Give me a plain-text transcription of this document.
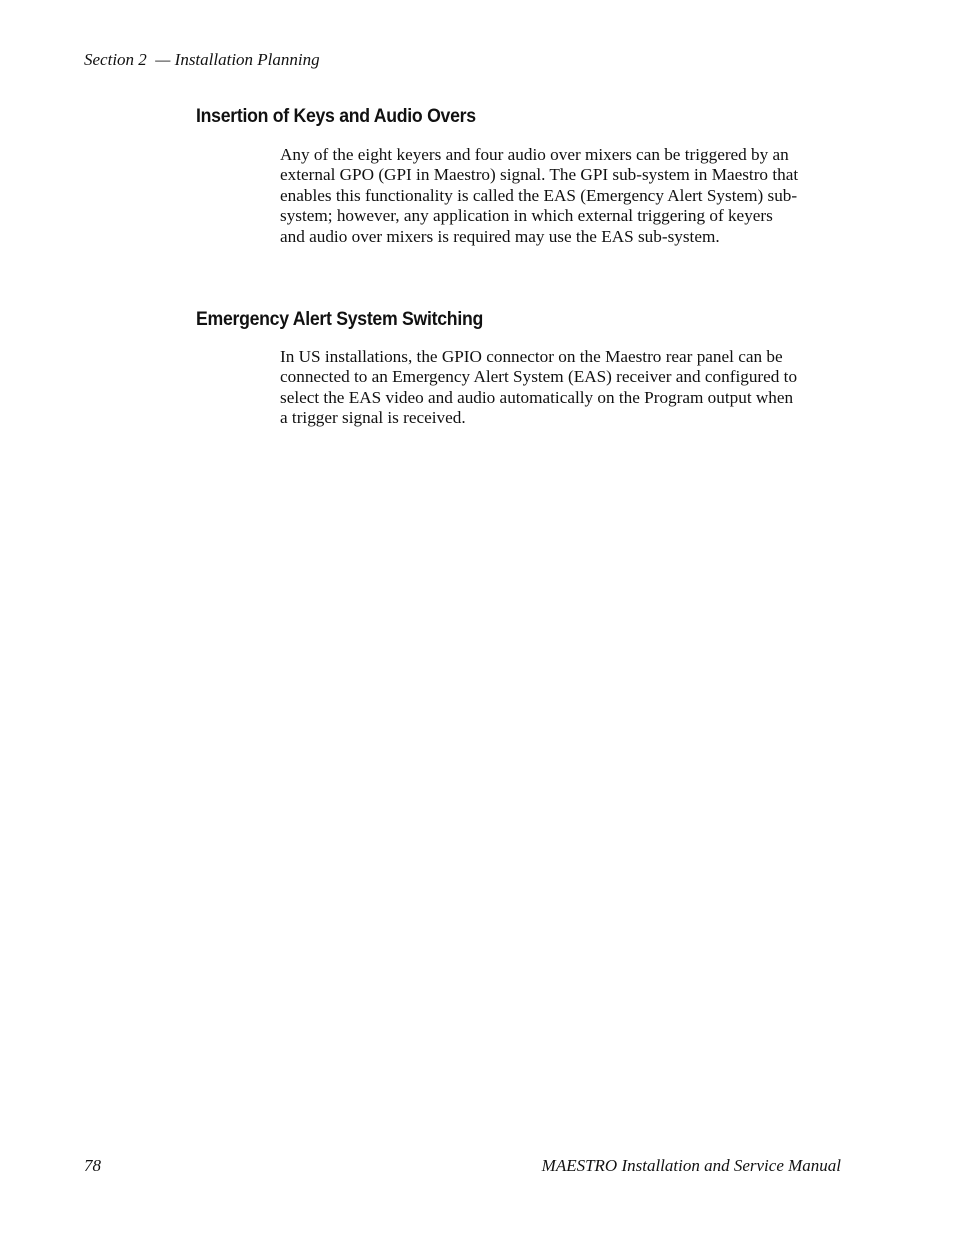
Section 2  — Installation Planning
Insertion of Keys and Audio Overs
Any of the eight keyers and four audio over mixers can be triggered by an
external GPO (GPI in Maestro) signal. The GPI sub-system in Maestro that
enables this functionality is called the EAS (Emergency Alert System) sub-
system; however, any application in which external triggering of keyers
and audio over mixers is required may use the EAS sub-system.
Emergency Alert System Switching
In US installations, the GPIO connector on the Maestro rear panel can be
connected to an Emergency Alert System (EAS) receiver and configured to
select the EAS video and audio automatically on the Program output when
a trigger signal is received.
78	MAESTRO Installation and Service Manual
